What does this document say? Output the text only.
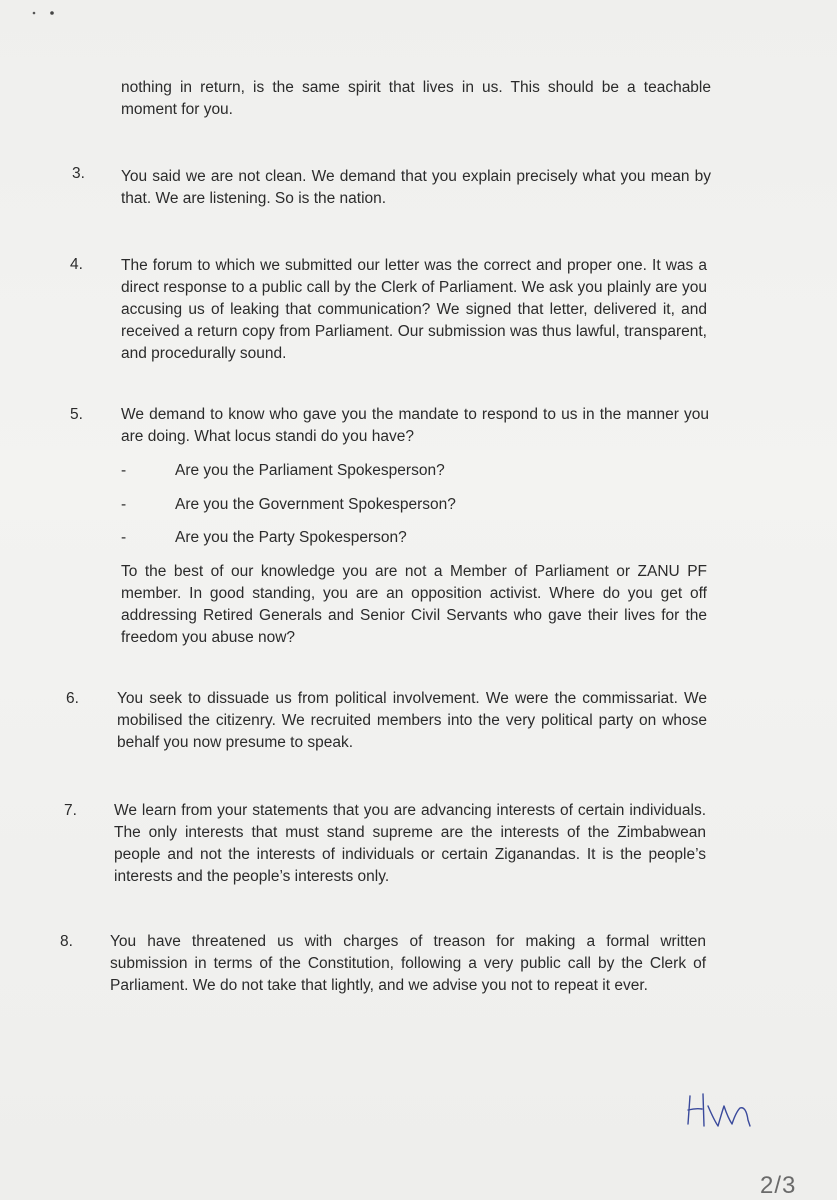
nothing in return, is the same spirit that lives in us. This should be a teachable moment for you.
3. You said we are not clean. We demand that you explain precisely what you mean by that. We are listening. So is the nation.
4. The forum to which we submitted our letter was the correct and proper one. It was a direct response to a public call by the Clerk of Parliament. We ask you plainly are you accusing us of leaking that communication? We signed that letter, delivered it, and received a return copy from Parliament. Our submission was thus lawful, transparent, and procedurally sound.
5. We demand to know who gave you the mandate to respond to us in the manner you are doing. What locus standi do you have?
-	Are you the Parliament Spokesperson?
-	Are you the Government Spokesperson?
-	Are you the Party Spokesperson?
To the best of our knowledge you are not a Member of Parliament or ZANU PF member. In good standing, you are an opposition activist. Where do you get off addressing Retired Generals and Senior Civil Servants who gave their lives for the freedom you abuse now?
6. You seek to dissuade us from political involvement. We were the commissariat. We mobilised the citizenry. We recruited members into the very political party on whose behalf you now presume to speak.
7. We learn from your statements that you are advancing interests of certain individuals. The only interests that must stand supreme are the interests of the Zimbabwean people and not the interests of individuals or certain Ziganandas. It is the people’s interests and the people’s interests only.
8. You have threatened us with charges of treason for making a formal written submission in terms of the Constitution, following a very public call by the Clerk of Parliament. We do not take that lightly, and we advise you not to repeat it ever.
2/3
